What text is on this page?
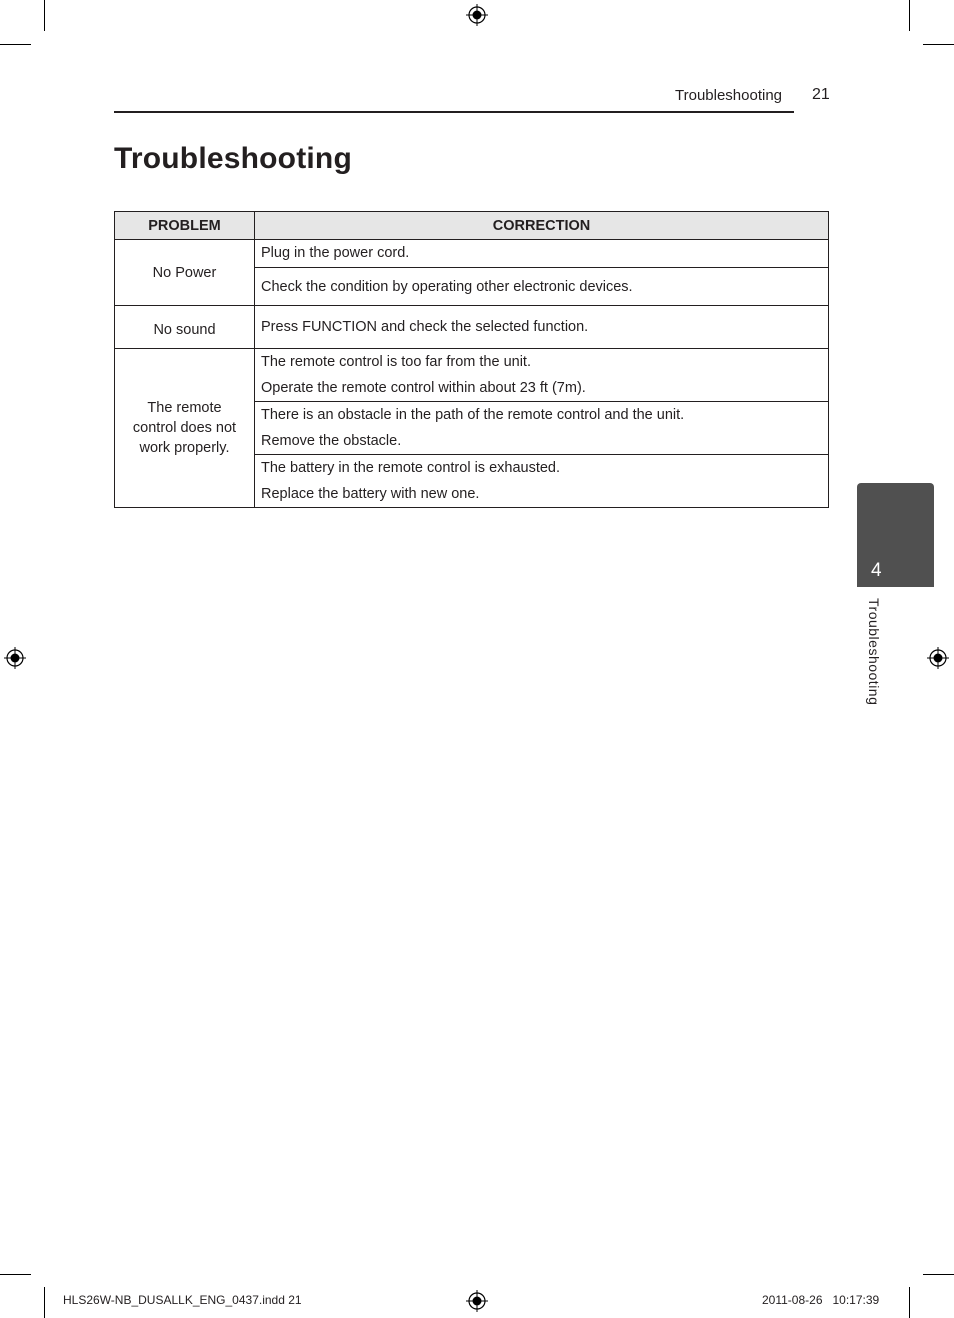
Troubleshooting 21
Troubleshooting
PROBLEM	CORRECTION
No Power	Plug in the power cord.

	Check the condition by operating other electronic devices.

No sound	Press FUNCTION and check the selected function.

The remote control does not work properly.	The remote control is too far from the unit.
Operate the remote control within about 23 ft (7m).

	There is an obstacle in the path of the remote control and the unit.
Remove the obstacle.

	The battery in the remote control is exhausted.
Replace the battery with new one.
4
Troubleshooting
HLS26W-NB_DUSALLK_ENG_0437.indd 21	2011-08-26   10:17:39
